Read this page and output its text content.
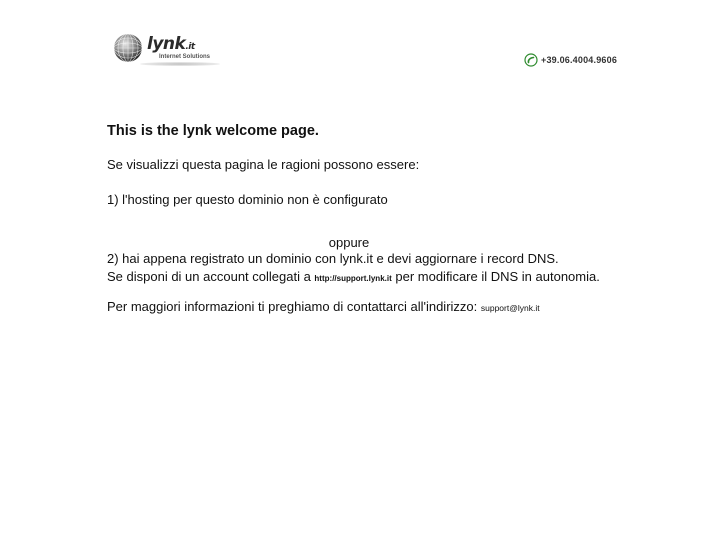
lynk.it
Internet Solutions	+39.06.4004.9606
This is the lynk welcome page.

Se visualizzi questa pagina le ragioni possono essere:

1) l'hosting per questo dominio non è configurato

oppure

2) hai appena registrato un dominio con lynk.it e devi aggiornare i record DNS.

Se disponi di un account collegati a http://support.lynk.it per modificare il DNS in autonomia.

Per maggiori informazioni ti preghiamo di contattarci all'indirizzo: support@lynk.it
